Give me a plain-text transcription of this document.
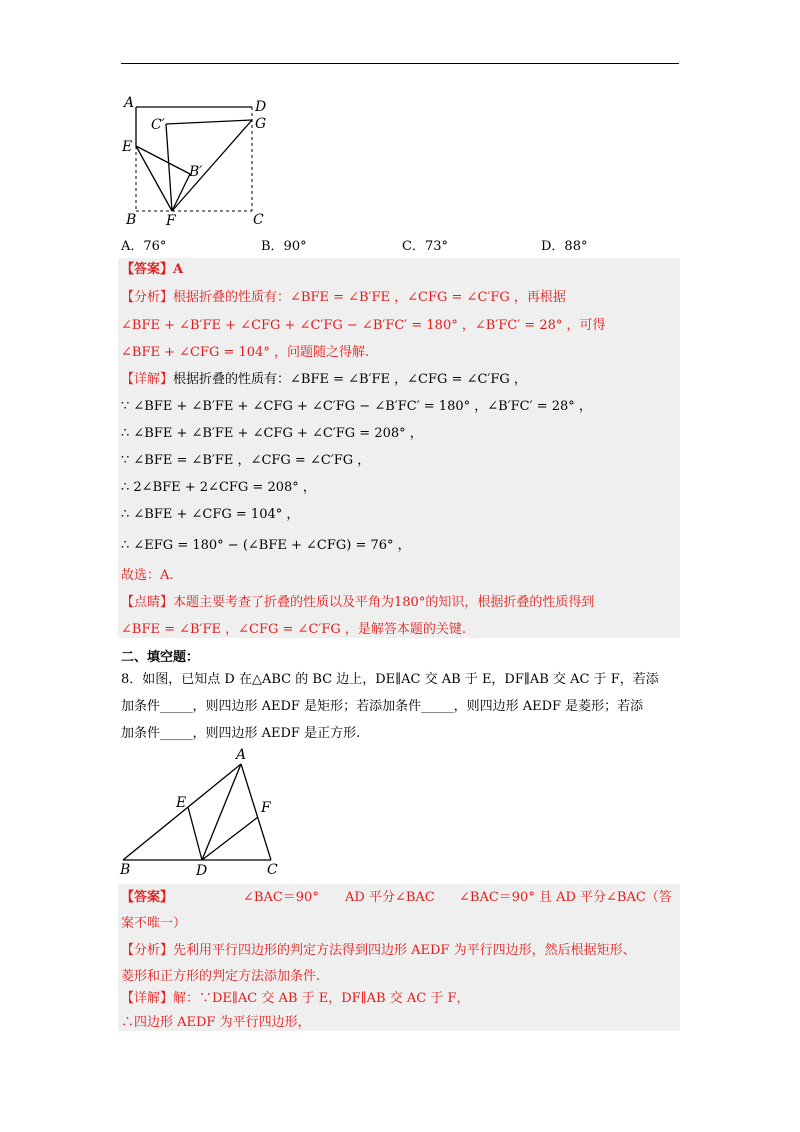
A	D
C′	G
E
B′
B F	C
A．76°	B．90°	C．73°	D．88°
【答案】A
【分析】根据折叠的性质有：∠BFE = ∠B′FE ，∠CFG = ∠C′FG ，再根据
∠BFE + ∠B′FE + ∠CFG + ∠C′FG − ∠B′FC′ = 180° ，∠B′FC′ = 28° ，可得
∠BFE + ∠CFG = 104° ，问题随之得解.
【详解】根据折叠的性质有：∠BFE = ∠B′FE ，∠CFG = ∠C′FG ，
∵ ∠BFE + ∠B′FE + ∠CFG + ∠C′FG − ∠B′FC′ = 180° ，∠B′FC′ = 28° ，
∴ ∠BFE + ∠B′FE + ∠CFG + ∠C′FG = 208° ，
∵ ∠BFE = ∠B′FE ，∠CFG = ∠C′FG ，
∴ 2∠BFE + 2∠CFG = 208° ，
∴ ∠BFE + ∠CFG = 104° ，
∴ ∠EFG = 180° − (∠BFE + ∠CFG) = 76° ，
故选：A.
【点睛】本题主要考查了折叠的性质以及平角为180°的知识，根据折叠的性质得到
∠BFE = ∠B′FE ，∠CFG = ∠C′FG ，是解答本题的关键.
二、填空题：
8．如图，已知点 D 在△ABC 的 BC 边上，DE∥AC 交 AB 于 E，DF∥AB 交 AC 于 F，若添
加条件_____，则四边形 AEDF 是矩形；若添加条件_____，则四边形 AEDF 是菱形；若添
加条件_____，则四边形 AEDF 是正方形.
A
E	F
B	D	C
【答案】	∠BAC＝90° AD 平分∠BAC ∠BAC＝90° 且 AD 平分∠BAC（答
案不唯一）
【分析】先利用平行四边形的判定方法得到四边形 AEDF 为平行四边形，然后根据矩形、
菱形和正方形的判定方法添加条件.
【详解】解：∵DE∥AC 交 AB 于 E，DF∥AB 交 AC 于 F，
∴四边形 AEDF 为平行四边形，
